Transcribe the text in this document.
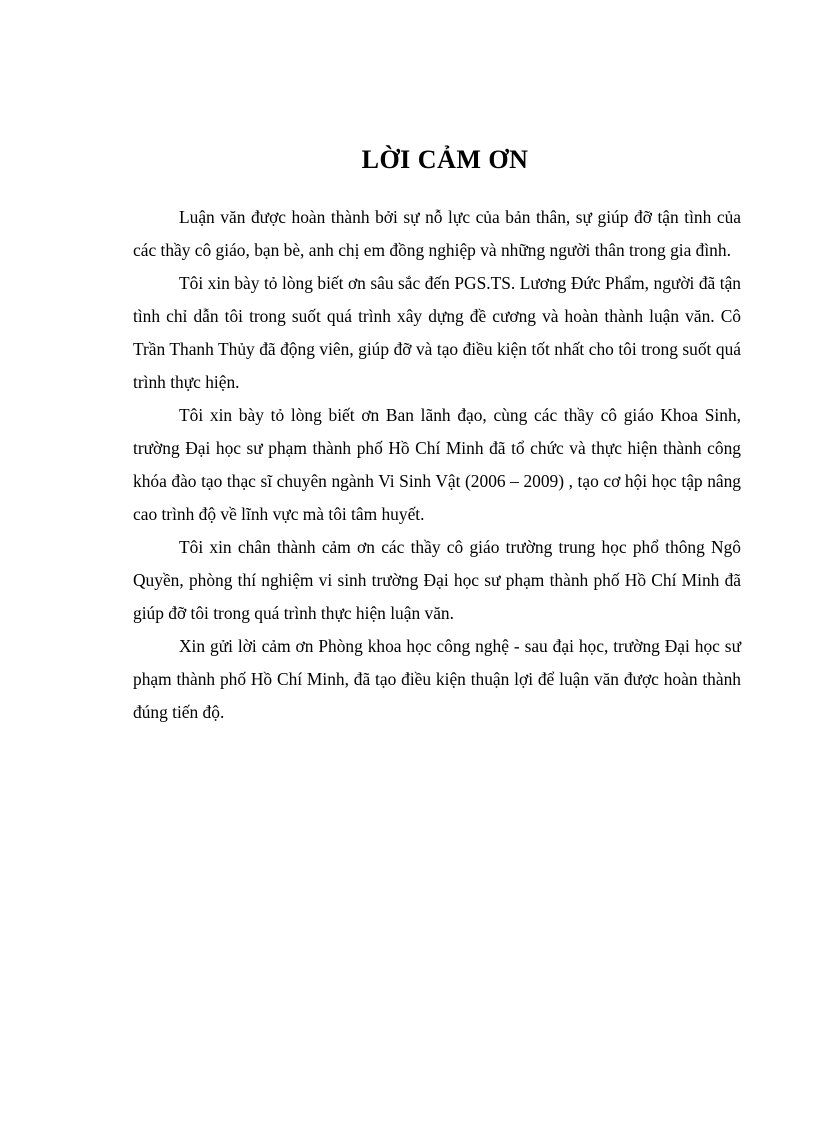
LỜI CẢM ƠN

Luận văn được hoàn thành bởi sự nỗ lực của bản thân, sự giúp đỡ tận tình của các thầy cô giáo, bạn bè, anh chị em đồng nghiệp và những người thân trong gia đình.

Tôi xin bày tỏ lòng biết ơn sâu sắc đến PGS.TS. Lương Đức Phẩm, người đã tận tình chỉ dẫn tôi trong suốt quá trình xây dựng đề cương và hoàn thành luận văn. Cô Trần Thanh Thủy đã động viên, giúp đỡ và tạo điều kiện tốt nhất cho tôi trong suốt quá trình thực hiện.

Tôi xin bày tỏ lòng biết ơn Ban lãnh đạo, cùng các thầy cô giáo Khoa Sinh, trường Đại học sư phạm thành phố Hồ Chí Minh đã tổ chức và thực hiện thành công khóa đào tạo thạc sĩ chuyên ngành Vi Sinh Vật (2006 – 2009) , tạo cơ hội học tập nâng cao trình độ về lĩnh vực mà tôi tâm huyết.

Tôi xin chân thành cảm ơn các thầy cô giáo trường trung học phổ thông Ngô Quyền, phòng thí nghiệm vi sinh trường Đại học sư phạm thành phố Hồ Chí Minh đã giúp đỡ tôi trong quá trình thực hiện luận văn.

Xin gửi lời cảm ơn Phòng khoa học công nghệ - sau đại học, trường Đại học sư phạm thành phố Hồ Chí Minh, đã tạo điều kiện thuận lợi để luận văn được hoàn thành đúng tiến độ.
